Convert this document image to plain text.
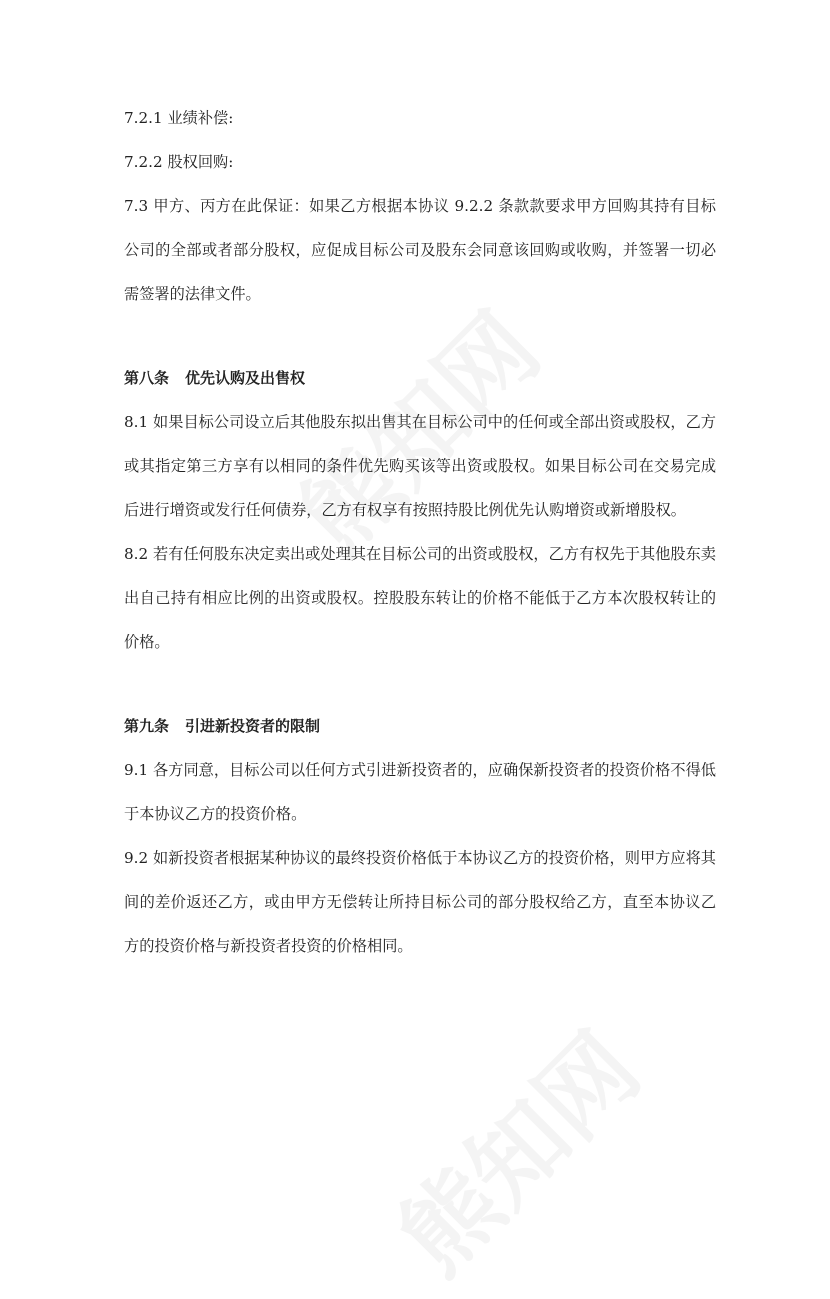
7.2.1 业绩补偿:

7.2.2 股权回购:

7.3 甲方、丙方在此保证：如果乙方根据本协议 9.2.2 条款款要求甲方回购其持有目标公司的全部或者部分股权，应促成目标公司及股东会同意该回购或收购，并签署一切必需签署的法律文件。

第八条 优先认购及出售权

8.1 如果目标公司设立后其他股东拟出售其在目标公司中的任何或全部出资或股权，乙方或其指定第三方享有以相同的条件优先购买该等出资或股权。如果目标公司在交易完成后进行增资或发行任何债券，乙方有权享有按照持股比例优先认购增资或新增股权。

8.2 若有任何股东决定卖出或处理其在目标公司的出资或股权，乙方有权先于其他股东卖出自己持有相应比例的出资或股权。控股股东转让的价格不能低于乙方本次股权转让的价格。

第九条 引进新投资者的限制

9.1 各方同意，目标公司以任何方式引进新投资者的，应确保新投资者的投资价格不得低于本协议乙方的投资价格。

9.2 如新投资者根据某种协议的最终投资价格低于本协议乙方的投资价格，则甲方应将其间的差价返还乙方，或由甲方无偿转让所持目标公司的部分股权给乙方，直至本协议乙方的投资价格与新投资者投资的价格相同。
